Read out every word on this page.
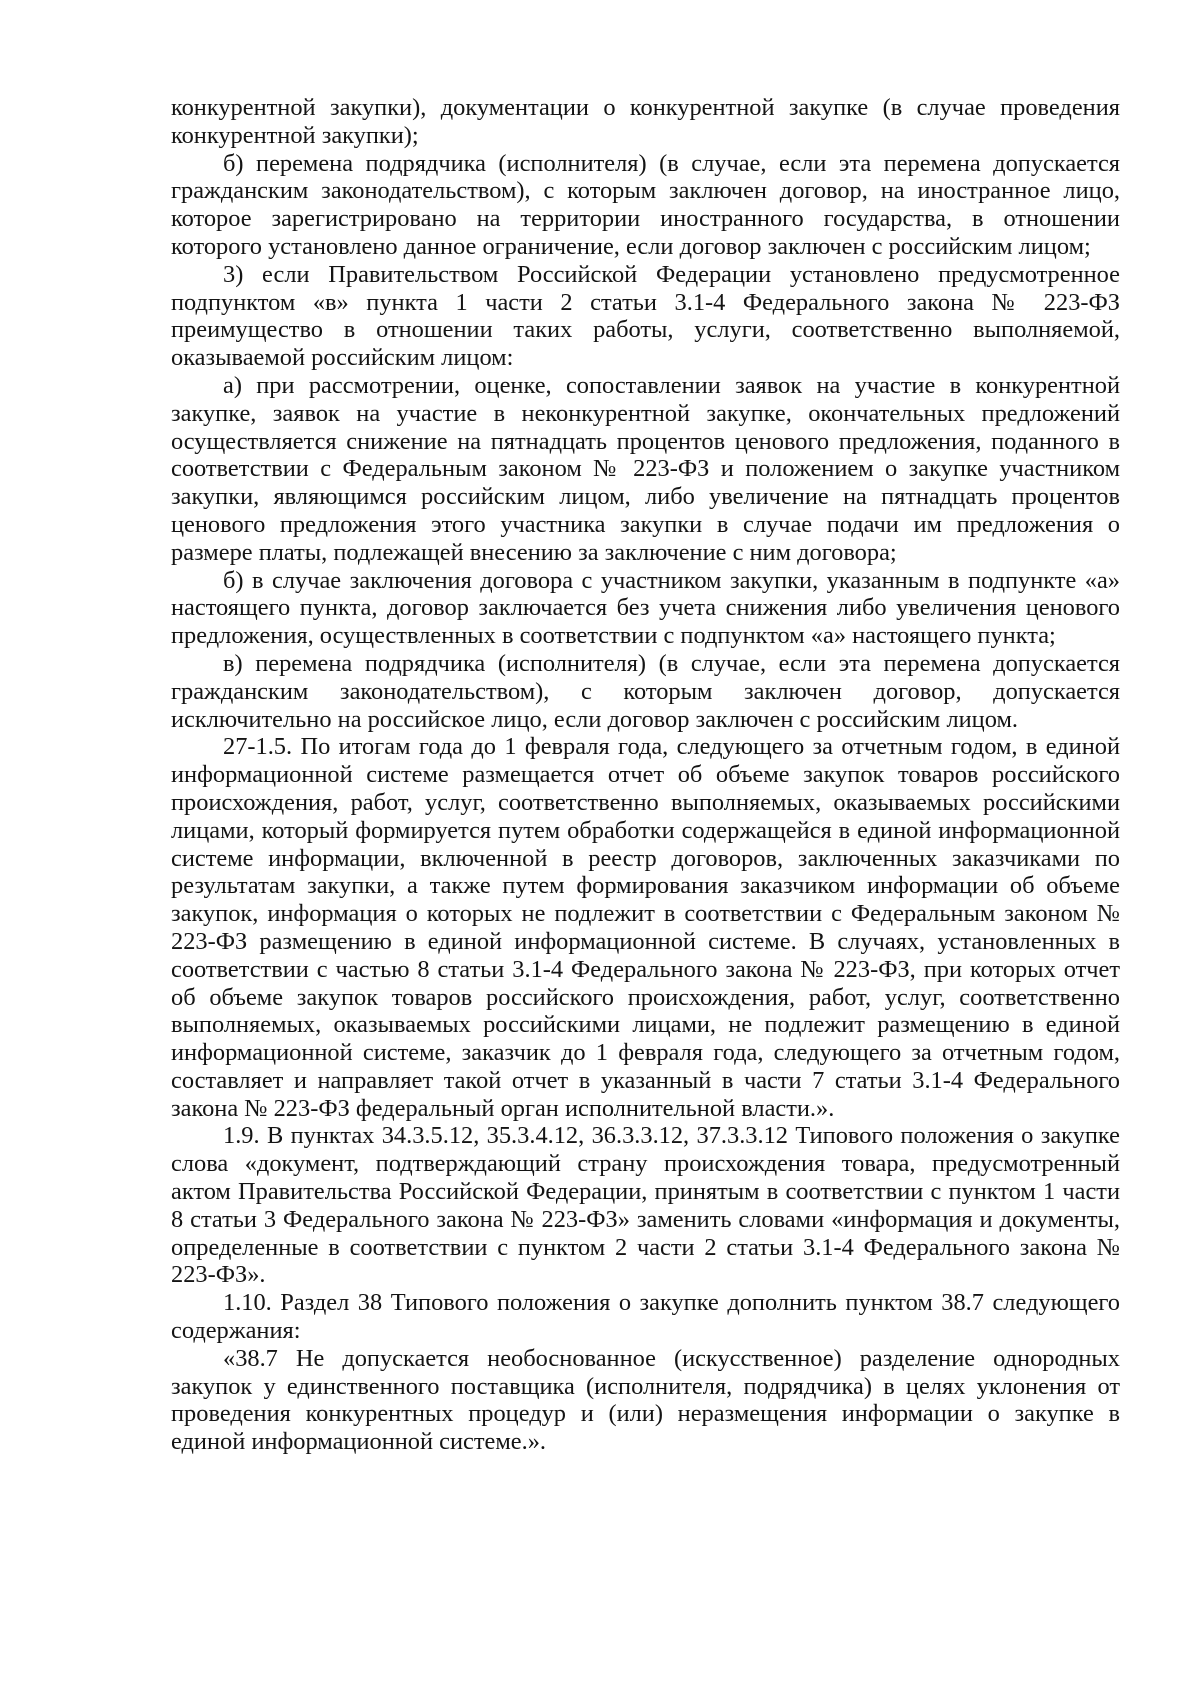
конкурентной закупки), документации о конкурентной закупке (в случае проведения конкурентной закупки);

б) перемена подрядчика (исполнителя) (в случае, если эта перемена допускается гражданским законодательством), с которым заключен договор, на иностранное лицо, которое зарегистрировано на территории иностранного государства, в отношении которого установлено данное ограничение, если договор заключен с российским лицом;

3) если Правительством Российской Федерации установлено предусмотренное подпунктом «в» пункта 1 части 2 статьи 3.1-4 Федерального закона № 223-ФЗ преимущество в отношении таких работы, услуги, соответственно выполняемой, оказываемой российским лицом:

а) при рассмотрении, оценке, сопоставлении заявок на участие в конкурентной закупке, заявок на участие в неконкурентной закупке, окончательных предложений осуществляется снижение на пятнадцать процентов ценового предложения, поданного в соответствии с Федеральным законом № 223-ФЗ и положением о закупке участником закупки, являющимся российским лицом, либо увеличение на пятнадцать процентов ценового предложения этого участника закупки в случае подачи им предложения о размере платы, подлежащей внесению за заключение с ним договора;

б) в случае заключения договора с участником закупки, указанным в подпункте «а» настоящего пункта, договор заключается без учета снижения либо увеличения ценового предложения, осуществленных в соответствии с подпунктом «а» настоящего пункта;

в) перемена подрядчика (исполнителя) (в случае, если эта перемена допускается гражданским законодательством), с которым заключен договор, допускается исключительно на российское лицо, если договор заключен с российским лицом.

27-1.5. По итогам года до 1 февраля года, следующего за отчетным годом, в единой информационной системе размещается отчет об объеме закупок товаров российского происхождения, работ, услуг, соответственно выполняемых, оказываемых российскими лицами, который формируется путем обработки содержащейся в единой информационной системе информации, включенной в реестр договоров, заключенных заказчиками по результатам закупки, а также путем формирования заказчиком информации об объеме закупок, информация о которых не подлежит в соответствии с Федеральным законом № 223-ФЗ размещению в единой информационной системе. В случаях, установленных в соответствии с частью 8 статьи 3.1-4 Федерального закона № 223-ФЗ, при которых отчет об объеме закупок товаров российского происхождения, работ, услуг, соответственно выполняемых, оказываемых российскими лицами, не подлежит размещению в единой информационной системе, заказчик до 1 февраля года, следующего за отчетным годом, составляет и направляет такой отчет в указанный в части 7 статьи 3.1-4 Федерального закона № 223-ФЗ федеральный орган исполнительной власти.».

1.9. В пунктах 34.3.5.12, 35.3.4.12, 36.3.3.12, 37.3.3.12 Типового положения о закупке слова «документ, подтверждающий страну происхождения товара, предусмотренный актом Правительства Российской Федерации, принятым в соответствии с пунктом 1 части 8 статьи 3 Федерального закона № 223-ФЗ» заменить словами «информация и документы, определенные в соответствии с пунктом 2 части 2 статьи 3.1-4 Федерального закона № 223-ФЗ».

1.10. Раздел 38 Типового положения о закупке дополнить пунктом 38.7 следующего содержания:

«38.7 Не допускается необоснованное (искусственное) разделение однородных закупок у единственного поставщика (исполнителя, подрядчика) в целях уклонения от проведения конкурентных процедур и (или) неразмещения информации о закупке в единой информационной системе.».
